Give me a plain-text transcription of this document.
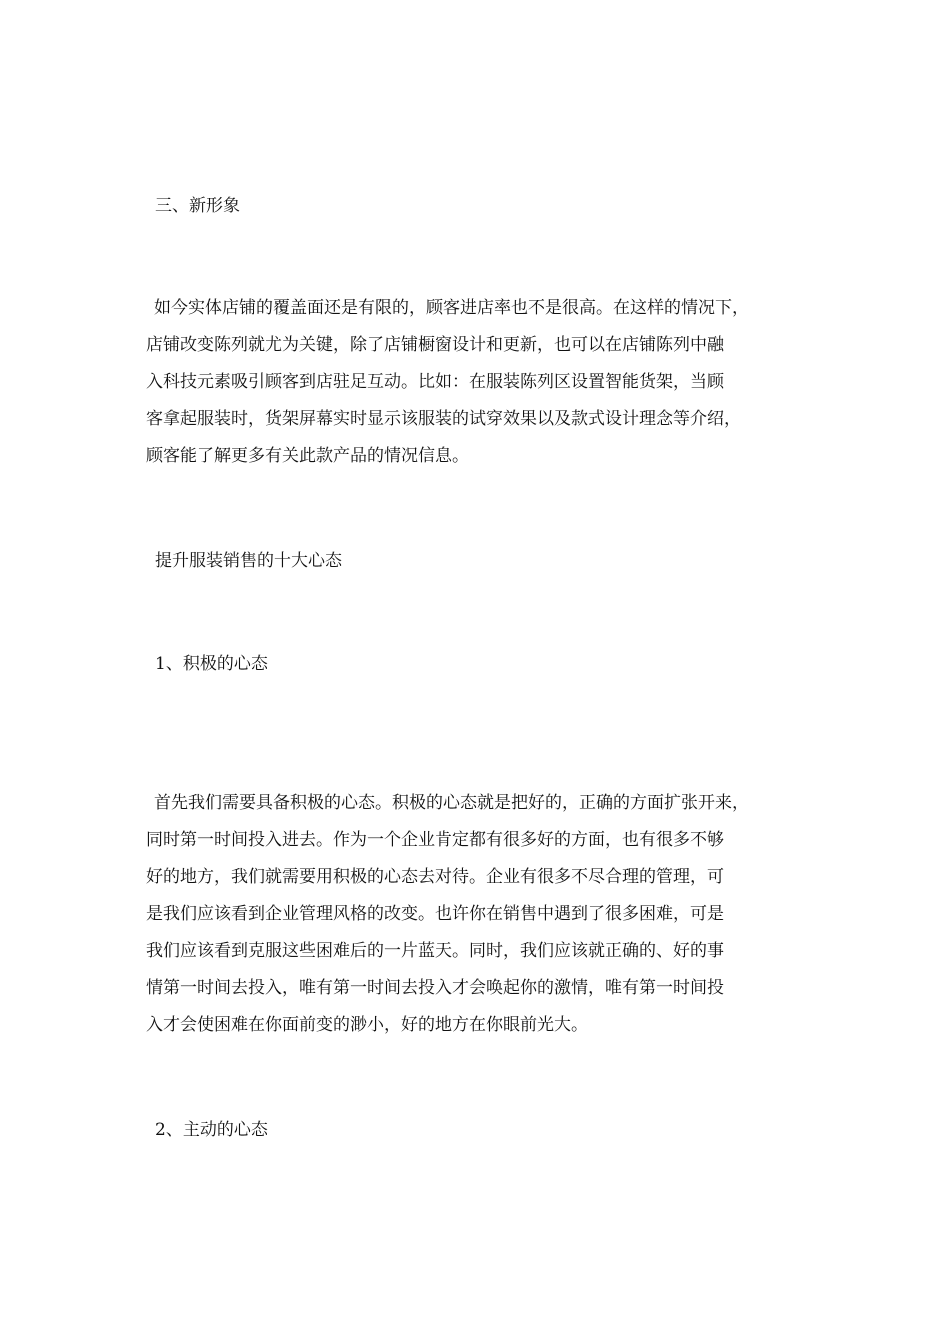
三、新形象

如今实体店铺的覆盖面还是有限的，顾客进店率也不是很高。在这样的情况下，

店铺改变陈列就尤为关键，除了店铺橱窗设计和更新，也可以在店铺陈列中融

入科技元素吸引顾客到店驻足互动。比如：在服装陈列区设置智能货架，当顾

客拿起服装时，货架屏幕实时显示该服装的试穿效果以及款式设计理念等介绍，

顾客能了解更多有关此款产品的情况信息。

提升服装销售的十大心态

1、积极的心态

首先我们需要具备积极的心态。积极的心态就是把好的，正确的方面扩张开来，

同时第一时间投入进去。作为一个企业肯定都有很多好的方面，也有很多不够

好的地方，我们就需要用积极的心态去对待。企业有很多不尽合理的管理，可

是我们应该看到企业管理风格的改变。也许你在销售中遇到了很多困难，可是

我们应该看到克服这些困难后的一片蓝天。同时，我们应该就正确的、好的事

情第一时间去投入，唯有第一时间去投入才会唤起你的激情，唯有第一时间投

入才会使困难在你面前变的渺小，好的地方在你眼前光大。

2、主动的心态
